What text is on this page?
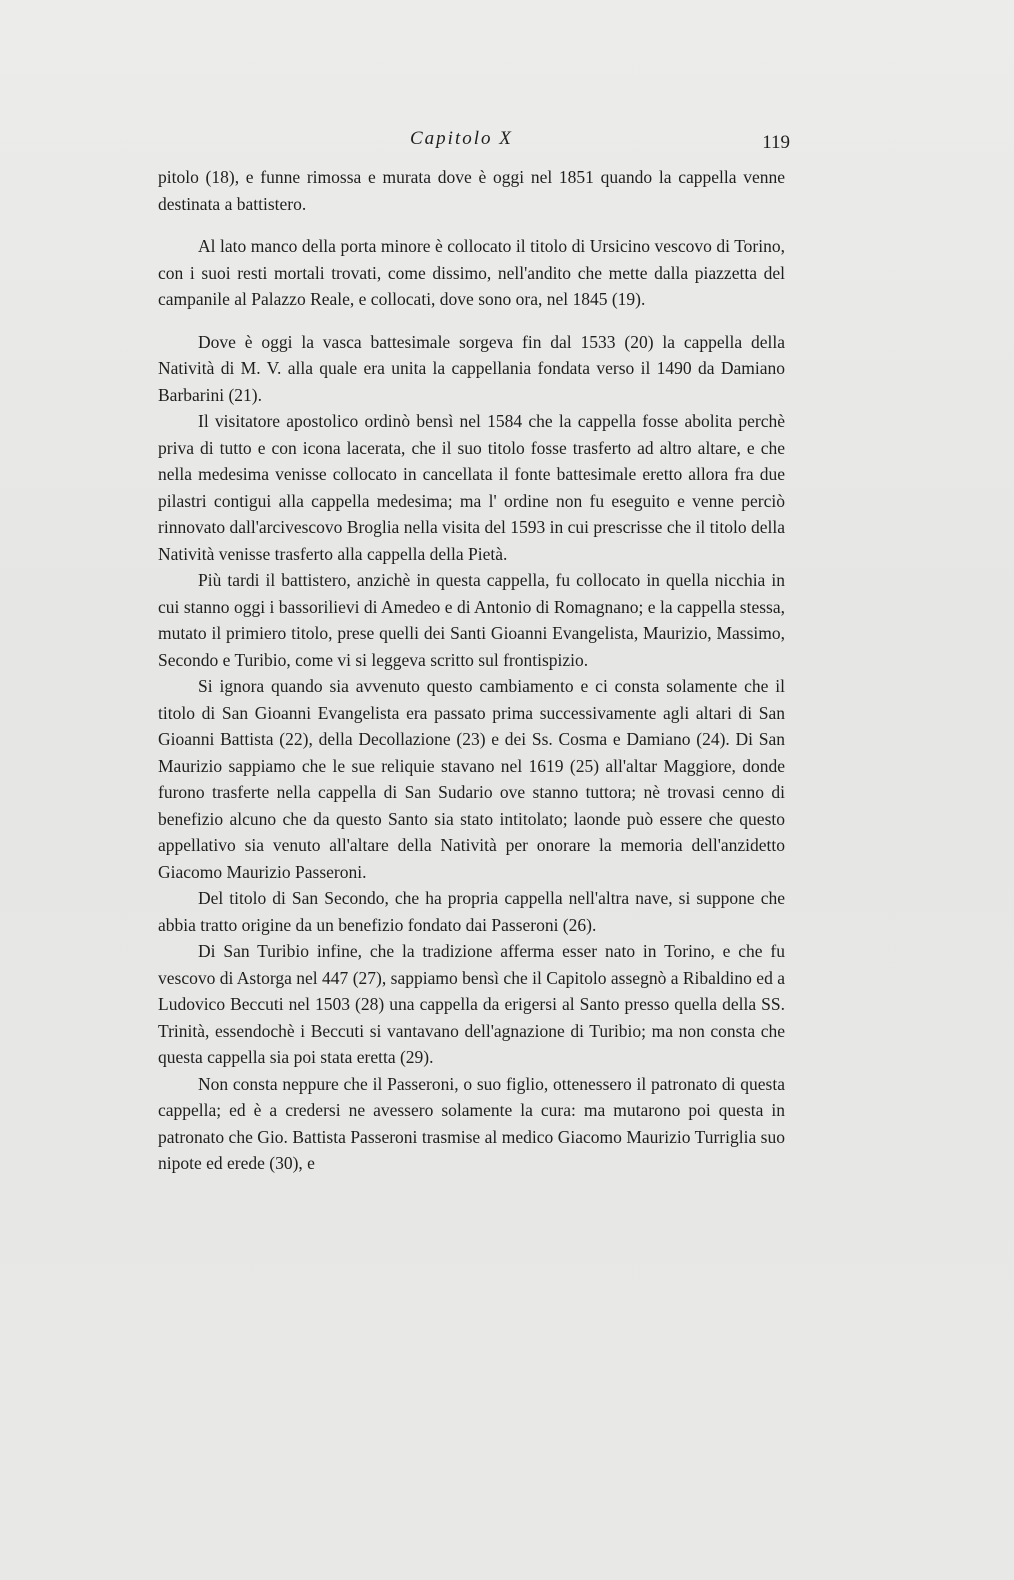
Capitolo X	119

pitolo (18), e funne rimossa e murata dove è oggi nel 1851 quando la cappella venne destinata a battistero.

Al lato manco della porta minore è collocato il titolo di Ursicino vescovo di Torino, con i suoi resti mortali trovati, come dissimo, nell'andito che mette dalla piazzetta del campanile al Palazzo Reale, e collocati, dove sono ora, nel 1845 (19).

Dove è oggi la vasca battesimale sorgeva fin dal 1533 (20) la cappella della Natività di M. V. alla quale era unita la cappellania fondata verso il 1490 da Damiano Barbarini (21).

Il visitatore apostolico ordinò bensì nel 1584 che la cappella fosse abolita perchè priva di tutto e con icona lacerata, che il suo titolo fosse trasferto ad altro altare, e che nella medesima venisse collocato in cancellata il fonte battesimale eretto allora fra due pilastri contigui alla cappella medesima; ma l' ordine non fu eseguito e venne perciò rinnovato dall'arcivescovo Broglia nella visita del 1593 in cui prescrisse che il titolo della Natività venisse trasferto alla cappella della Pietà.

Più tardi il battistero, anzichè in questa cappella, fu collocato in quella nicchia in cui stanno oggi i bassorilievi di Amedeo e di Antonio di Romagnano; e la cappella stessa, mutato il primiero titolo, prese quelli dei Santi Gioanni Evangelista, Maurizio, Massimo, Secondo e Turibio, come vi si leggeva scritto sul frontispizio.

Si ignora quando sia avvenuto questo cambiamento e ci consta solamente che il titolo di San Gioanni Evangelista era passato prima successivamente agli altari di San Gioanni Battista (22), della Decollazione (23) e dei Ss. Cosma e Damiano (24). Di San Maurizio sappiamo che le sue reliquie stavano nel 1619 (25) all'altar Maggiore, donde furono trasferte nella cappella di San Sudario ove stanno tuttora; nè trovasi cenno di benefizio alcuno che da questo Santo sia stato intitolato; laonde può essere che questo appellativo sia venuto all'altare della Natività per onorare la memoria dell'anzidetto Giacomo Maurizio Passeroni.

Del titolo di San Secondo, che ha propria cappella nell'altra nave, si suppone che abbia tratto origine da un benefizio fondato dai Passeroni (26).

Di San Turibio infine, che la tradizione afferma esser nato in Torino, e che fu vescovo di Astorga nel 447 (27), sappiamo bensì che il Capitolo assegnò a Ribaldino ed a Ludovico Beccuti nel 1503 (28) una cappella da erigersi al Santo presso quella della SS. Trinità, essendochè i Beccuti si vantavano dell'agnazione di Turibio; ma non consta che questa cappella sia poi stata eretta (29).

Non consta neppure che il Passeroni, o suo figlio, ottenessero il patronato di questa cappella; ed è a credersi ne avessero solamente la cura: ma mutarono poi questa in patronato che Gio. Battista Passeroni trasmise al medico Giacomo Maurizio Turriglia suo nipote ed erede (30), e
